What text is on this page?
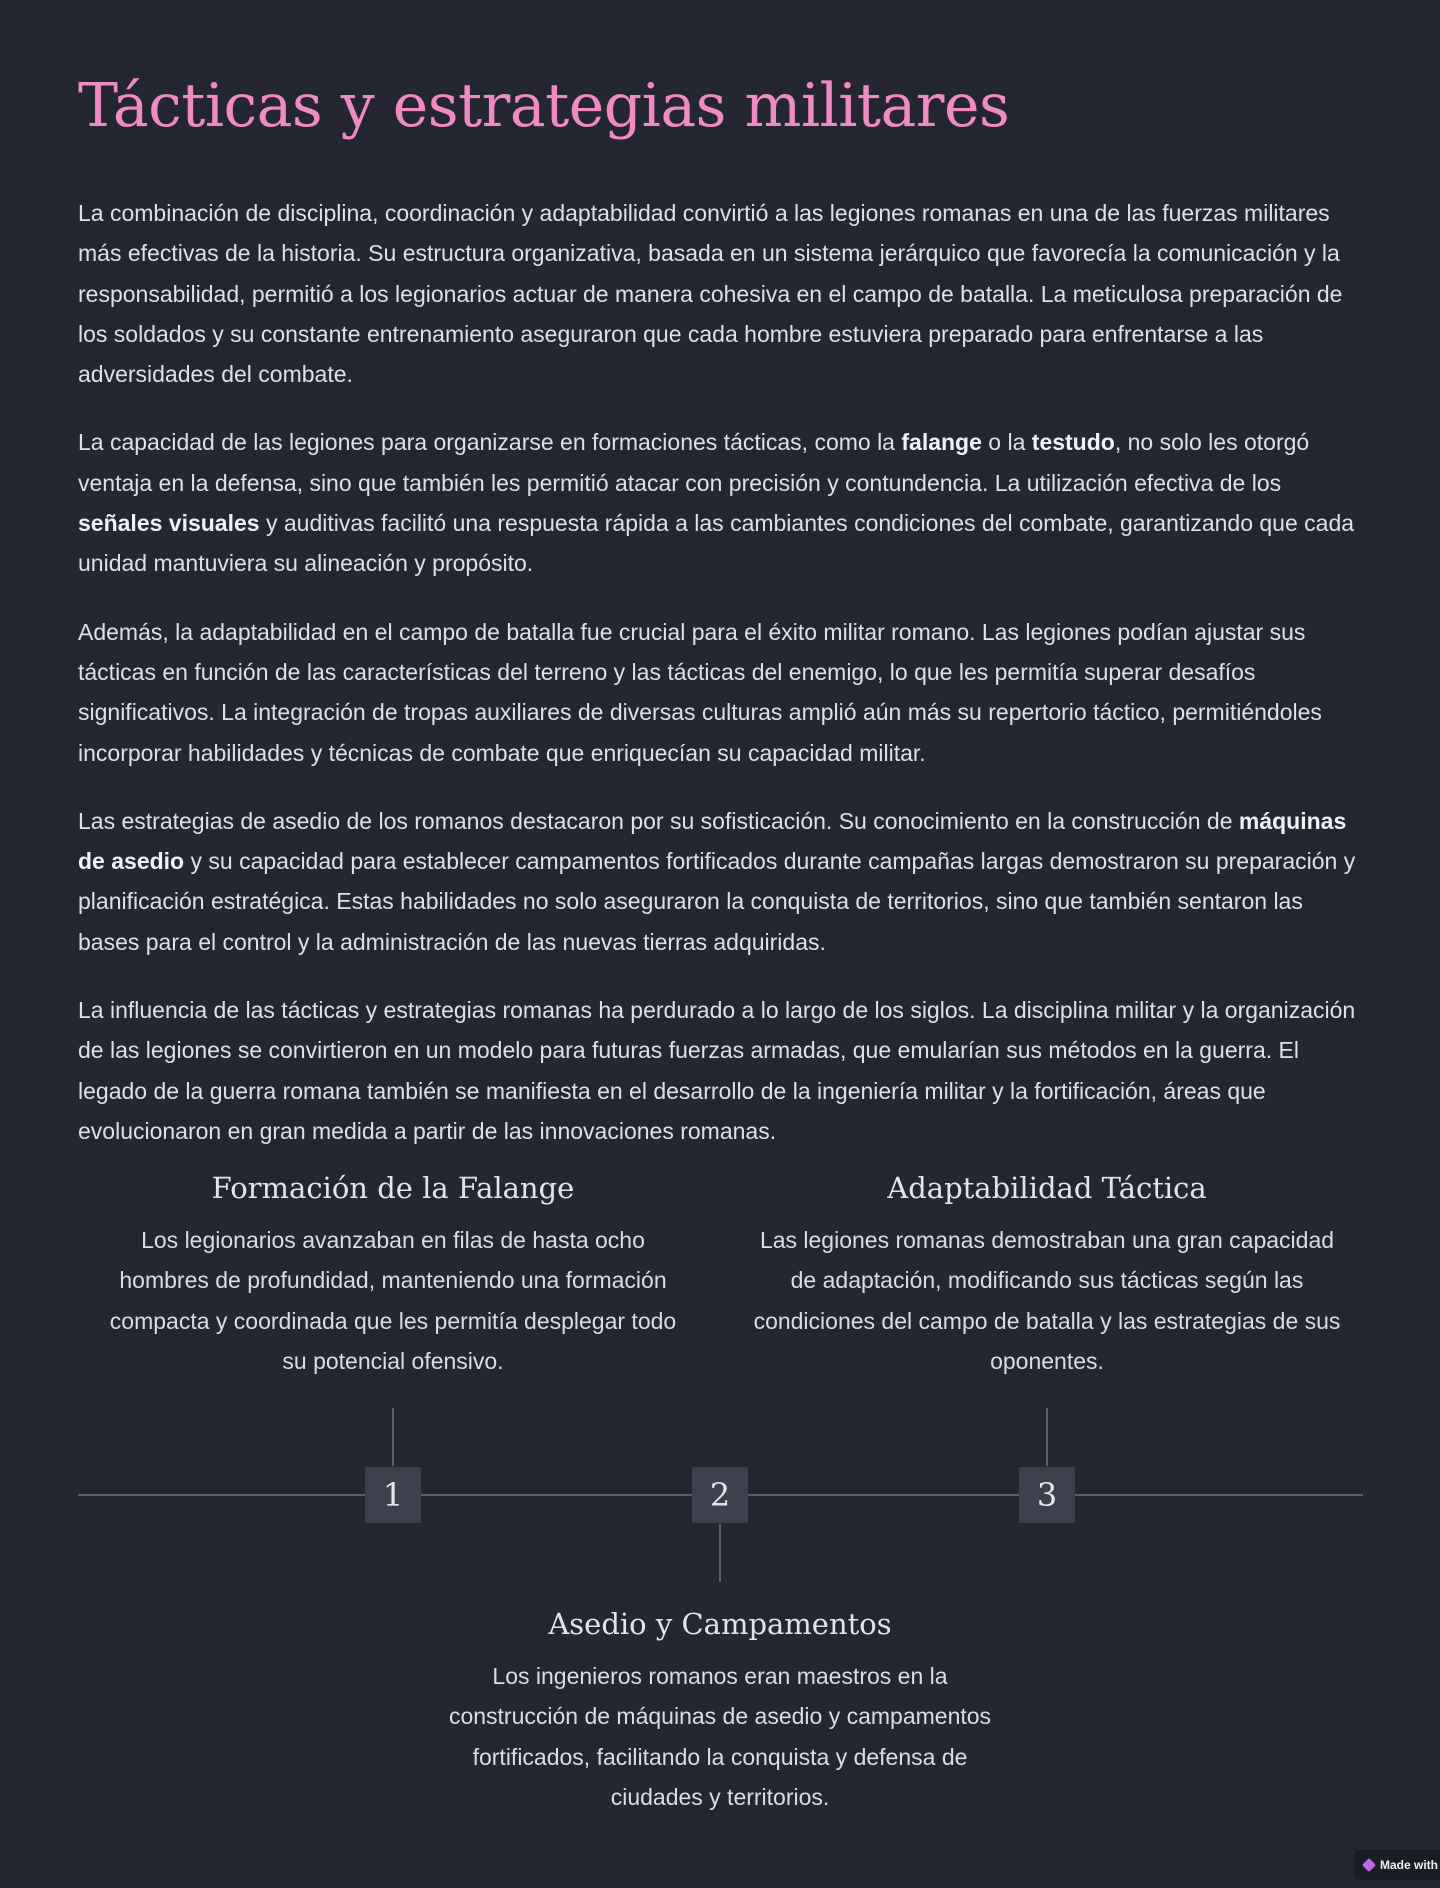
Tácticas y estrategias militares

La combinación de disciplina, coordinación y adaptabilidad convirtió a las legiones romanas en una de las fuerzas militares más efectivas de la historia. Su estructura organizativa, basada en un sistema jerárquico que favorecía la comunicación y la responsabilidad, permitió a los legionarios actuar de manera cohesiva en el campo de batalla. La meticulosa preparación de los soldados y su constante entrenamiento aseguraron que cada hombre estuviera preparado para enfrentarse a las adversidades del combate.

La capacidad de las legiones para organizarse en formaciones tácticas, como la falange o la testudo, no solo les otorgó ventaja en la defensa, sino que también les permitió atacar con precisión y contundencia. La utilización efectiva de los señales visuales y auditivas facilitó una respuesta rápida a las cambiantes condiciones del combate, garantizando que cada unidad mantuviera su alineación y propósito.

Además, la adaptabilidad en el campo de batalla fue crucial para el éxito militar romano. Las legiones podían ajustar sus tácticas en función de las características del terreno y las tácticas del enemigo, lo que les permitía superar desafíos significativos. La integración de tropas auxiliares de diversas culturas amplió aún más su repertorio táctico, permitiéndoles incorporar habilidades y técnicas de combate que enriquecían su capacidad militar.

Las estrategias de asedio de los romanos destacaron por su sofisticación. Su conocimiento en la construcción de máquinas de asedio y su capacidad para establecer campamentos fortificados durante campañas largas demostraron su preparación y planificación estratégica. Estas habilidades no solo aseguraron la conquista de territorios, sino que también sentaron las bases para el control y la administración de las nuevas tierras adquiridas.

La influencia de las tácticas y estrategias romanas ha perdurado a lo largo de los siglos. La disciplina militar y la organización de las legiones se convirtieron en un modelo para futuras fuerzas armadas, que emularían sus métodos en la guerra. El legado de la guerra romana también se manifiesta en el desarrollo de la ingeniería militar y la fortificación, áreas que evolucionaron en gran medida a partir de las innovaciones romanas.

Formación de la Falange

Los legionarios avanzaban en filas de hasta ocho hombres de profundidad, manteniendo una formación compacta y coordinada que les permitía desplegar todo su potencial ofensivo.

Adaptabilidad Táctica

Las legiones romanas demostraban una gran capacidad de adaptación, modificando sus tácticas según las condiciones del campo de batalla y las estrategias de sus oponentes.

1	2	3
Asedio y Campamentos

Los ingenieros romanos eran maestros en la construcción de máquinas de asedio y campamentos fortificados, facilitando la conquista y defensa de ciudades y territorios.

Made with
